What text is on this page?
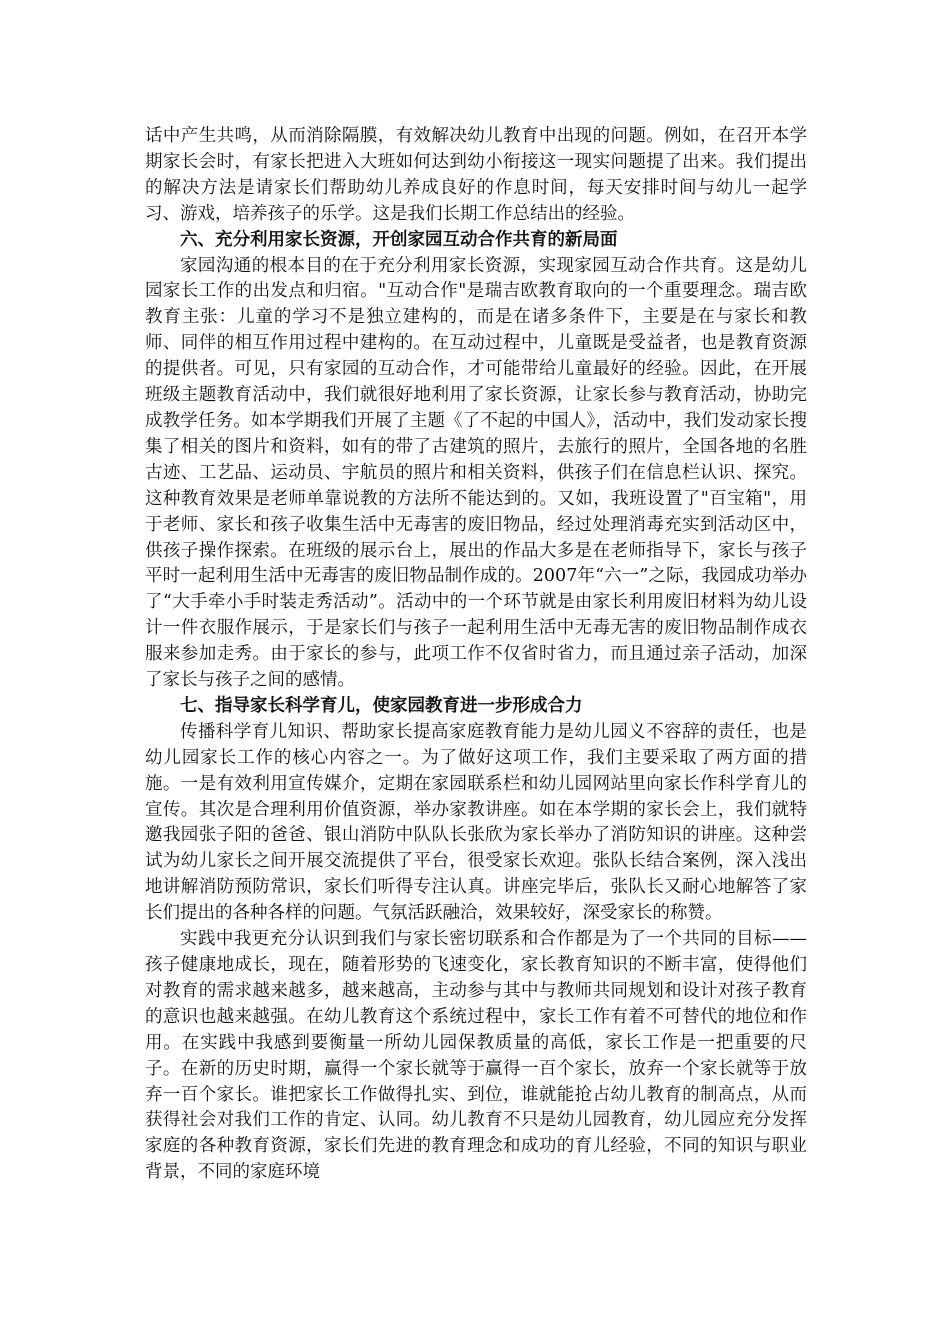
话中产生共鸣，从而消除隔膜，有效解决幼儿教育中出现的问题。例如，在召开本学期家长会时，有家长把进入大班如何达到幼小衔接这一现实问题提了出来。我们提出的解决方法是请家长们帮助幼儿养成良好的作息时间，每天安排时间与幼儿一起学习、游戏，培养孩子的乐学。这是我们长期工作总结出的经验。

六、充分利用家长资源，开创家园互动合作共育的新局面

家园沟通的根本目的在于充分利用家长资源，实现家园互动合作共育。这是幼儿园家长工作的出发点和归宿。"互动合作"是瑞吉欧教育取向的一个重要理念。瑞吉欧教育主张：儿童的学习不是独立建构的，而是在诸多条件下，主要是在与家长和教师、同伴的相互作用过程中建构的。在互动过程中，儿童既是受益者，也是教育资源的提供者。可见，只有家园的互动合作，才可能带给儿童最好的经验。因此，在开展班级主题教育活动中，我们就很好地利用了家长资源，让家长参与教育活动，协助完成教学任务。如本学期我们开展了主题《了不起的中国人》，活动中，我们发动家长搜集了相关的图片和资料，如有的带了古建筑的照片，去旅行的照片，全国各地的名胜古迹、工艺品、运动员、宇航员的照片和相关资料，供孩子们在信息栏认识、探究。这种教育效果是老师单靠说教的方法所不能达到的。又如，我班设置了"百宝箱"，用于老师、家长和孩子收集生活中无毒害的废旧物品，经过处理消毒充实到活动区中，供孩子操作探索。在班级的展示台上，展出的作品大多是在老师指导下，家长与孩子平时一起利用生活中无毒害的废旧物品制作成的。2007年“六一”之际，我园成功举办了“大手牵小手时装走秀活动”。活动中的一个环节就是由家长利用废旧材料为幼儿设计一件衣服作展示，于是家长们与孩子一起利用生活中无毒无害的废旧物品制作成衣服来参加走秀。由于家长的参与，此项工作不仅省时省力，而且通过亲子活动，加深了家长与孩子之间的感情。

七、指导家长科学育儿，使家园教育进一步形成合力

传播科学育儿知识、帮助家长提高家庭教育能力是幼儿园义不容辞的责任，也是幼儿园家长工作的核心内容之一。为了做好这项工作，我们主要采取了两方面的措施。一是有效利用宣传媒介，定期在家园联系栏和幼儿园网站里向家长作科学育儿的宣传。其次是合理利用价值资源，举办家教讲座。如在本学期的家长会上，我们就特邀我园张子阳的爸爸、银山消防中队队长张欣为家长举办了消防知识的讲座。这种尝试为幼儿家长之间开展交流提供了平台，很受家长欢迎。张队长结合案例，深入浅出地讲解消防预防常识，家长们听得专注认真。讲座完毕后，张队长又耐心地解答了家长们提出的各种各样的问题。气氛活跃融洽，效果较好，深受家长的称赞。

实践中我更充分认识到我们与家长密切联系和合作都是为了一个共同的目标——孩子健康地成长，现在，随着形势的飞速变化，家长教育知识的不断丰富，使得他们对教育的需求越来越多，越来越高，主动参与其中与教师共同规划和设计对孩子教育的意识也越来越强。在幼儿教育这个系统过程中，家长工作有着不可替代的地位和作用。在实践中我感到要衡量一所幼儿园保教质量的高低，家长工作是一把重要的尺子。在新的历史时期，赢得一个家长就等于赢得一百个家长，放弃一个家长就等于放弃一百个家长。谁把家长工作做得扎实、到位，谁就能抢占幼儿教育的制高点，从而获得社会对我们工作的肯定、认同。幼儿教育不只是幼儿园教育，幼儿园应充分发挥家庭的各种教育资源，家长们先进的教育理念和成功的育儿经验，不同的知识与职业背景，不同的家庭环境
